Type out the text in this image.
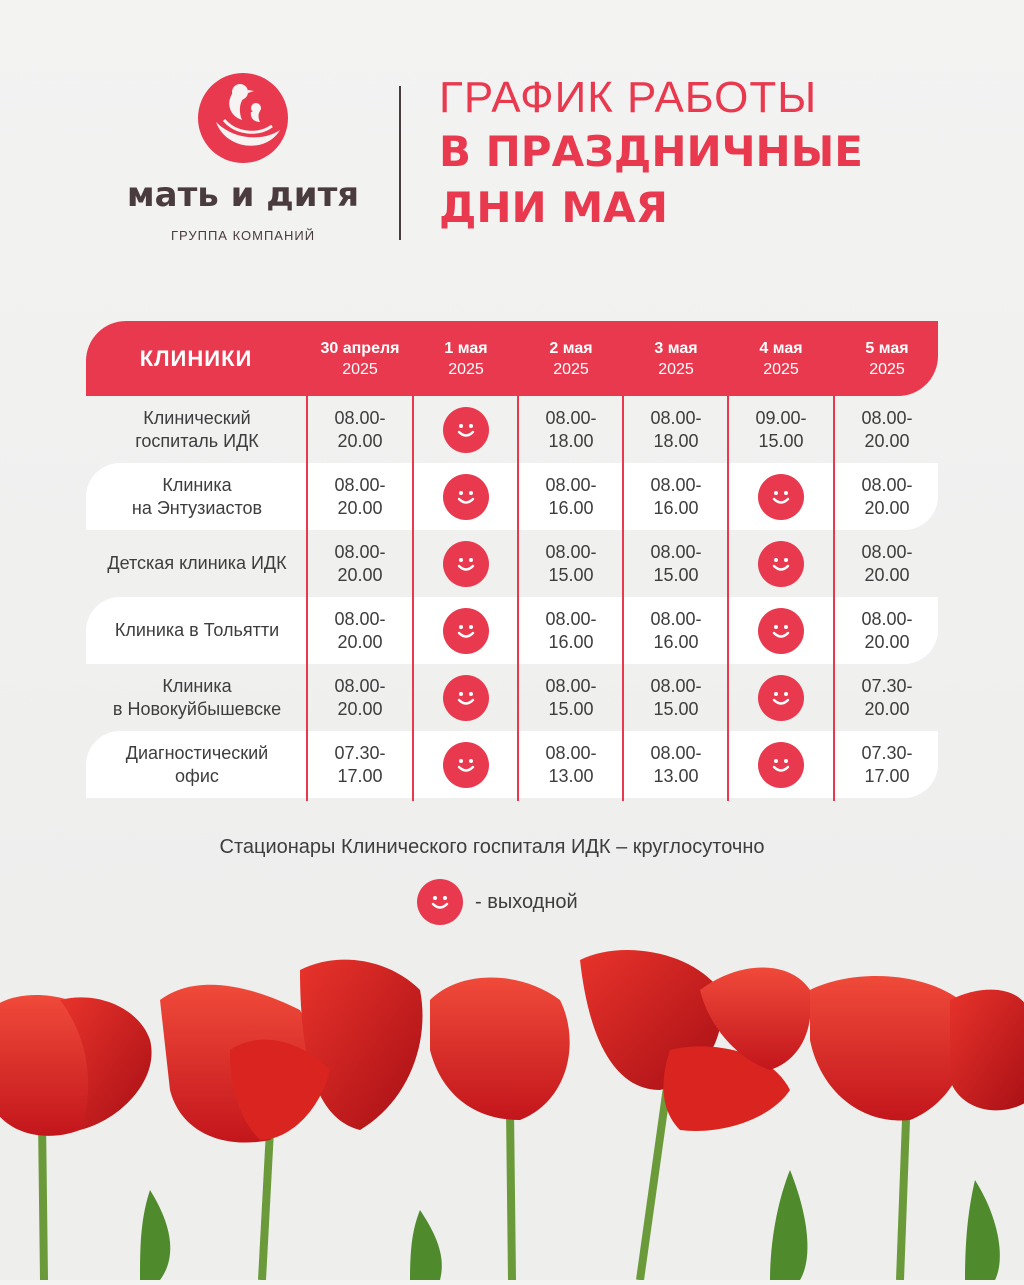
мать и дитя
ГРУППА КОМПАНИЙ
ГРАФИК РАБОТЫ
В ПРАЗДНИЧНЫЕ
ДНИ МАЯ
КЛИНИКИ	30 апреля
2025
1 мая
2025
2 мая
2025
3 мая
2025
4 мая
2025
5 мая
2025
Клинический
госпиталь ИДК
08.00-
20.00
08.00-
18.00
08.00-
18.00
09.00-
15.00
08.00-
20.00
Клиника
на Энтузиастов
08.00-
20.00
08.00-
16.00
08.00-
16.00
08.00-
20.00
Детская клиника ИДК
08.00-
20.00
08.00-
15.00
08.00-
15.00
08.00-
20.00
Клиника в Тольятти
08.00-
20.00
08.00-
16.00
08.00-
16.00
08.00-
20.00
Клиника
в Новокуйбышевске
08.00-
20.00
08.00-
15.00
08.00-
15.00
07.30-
20.00
Диагностический
офис
07.30-
17.00
08.00-
13.00
08.00-
13.00
07.30-
17.00
Стационары Клинического госпиталя ИДК – круглосуточно
- выходной
